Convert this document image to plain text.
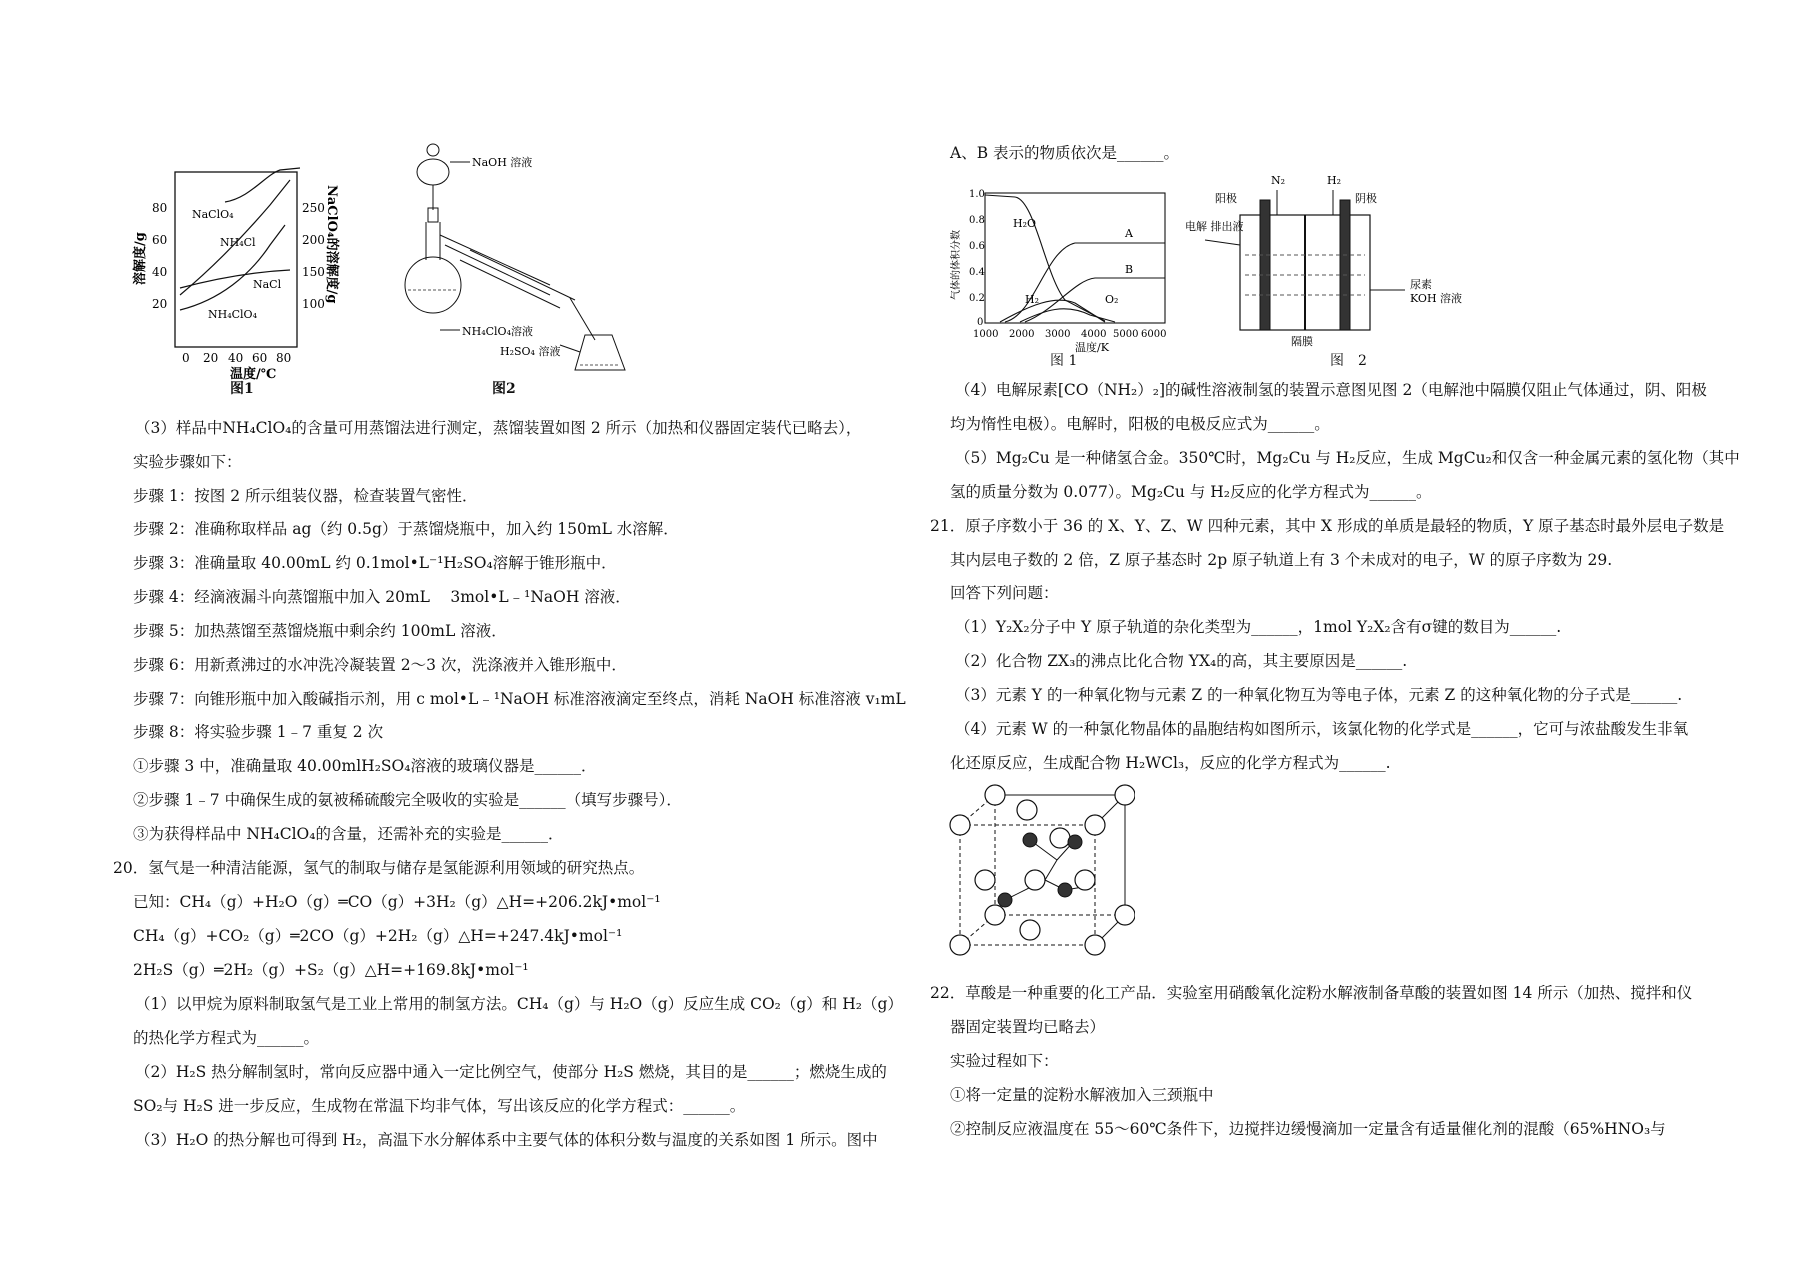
80
60
40
20
250
200
150
100
0 20 40 60 80
NaClO₄
NH₄Cl
NaCl
NH₄ClO₄
温度/℃
溶解度/g	NaClO₄的溶解度/g
图1
NaOH 溶液
NH₄ClO₄溶液
H₂SO₄ 溶液
图2
（3）样品中NH₄ClO₄的含量可用蒸馏法进行测定，蒸馏装置如图 2 所示（加热和仪器固定装代已略去），
实验步骤如下：
步骤 1：按图 2 所示组装仪器，检查装置气密性．
步骤 2：准确称取样品 ag（约 0.5g）于蒸馏烧瓶中，加入约 150mL 水溶解．
步骤 3：准确量取 40.00mL 约 0.1mol•L⁻¹H₂SO₄溶解于锥形瓶中．
步骤 4：经滴液漏斗向蒸馏瓶中加入 20mL　 3mol•L﹣¹NaOH 溶液．
步骤 5：加热蒸馏至蒸馏烧瓶中剩余约 100mL 溶液．
步骤 6：用新煮沸过的水冲洗冷凝装置 2～3 次，洗涤液并入锥形瓶中．
步骤 7：向锥形瓶中加入酸碱指示剂，用 c mol•L﹣¹NaOH 标准溶液滴定至终点，消耗 NaOH 标准溶液 v₁mL
步骤 8：将实验步骤 1﹣7 重复 2 次
①步骤 3 中，准确量取 40.00mlH₂SO₄溶液的玻璃仪器是______．
②步骤 1﹣7 中确保生成的氨被稀硫酸完全吸收的实验是______（填写步骤号）．
③为获得样品中 NH₄ClO₄的含量，还需补充的实验是______．
20．氢气是一种清洁能源，氢气的制取与储存是氢能源利用领域的研究热点。
已知：CH₄（g）+H₂O（g）═CO（g）+3H₂（g）△H=+206.2kJ•mol⁻¹
CH₄（g）+CO₂（g）═2CO（g）+2H₂（g）△H=+247.4kJ•mol⁻¹
2H₂S（g）═2H₂（g）+S₂（g）△H=+169.8kJ•mol⁻¹
（1）以甲烷为原料制取氢气是工业上常用的制氢方法。CH₄（g）与 H₂O（g）反应生成 CO₂（g）和 H₂（g）
的热化学方程式为______。
（2）H₂S 热分解制氢时，常向反应器中通入一定比例空气，使部分 H₂S 燃烧，其目的是______；燃烧生成的
SO₂与 H₂S 进一步反应，生成物在常温下均非气体，写出该反应的化学方程式：______。
（3）H₂O 的热分解也可得到 H₂，高温下水分解体系中主要气体的体积分数与温度的关系如图 1 所示。图中
A、B 表示的物质依次是______。
1.0
0.8
0.6
0.4
0.2
0
1000 2000 3000 4000 5000 6000
H₂O
A
B
H₂	O₂
温度/K
气体的体积分数
图 1
阳极	阴极
N₂	H₂
电解 排出液
尿素
KOH 溶液
隔膜
图　2
（4）电解尿素[CO（NH₂）₂]的碱性溶液制氢的装置示意图见图 2（电解池中隔膜仅阻止气体通过，阴、阳极
均为惰性电极）。电解时，阳极的电极反应式为______。
（5）Mg₂Cu 是一种储氢合金。350℃时，Mg₂Cu 与 H₂反应，生成 MgCu₂和仅含一种金属元素的氢化物（其中
氢的质量分数为 0.077）。Mg₂Cu 与 H₂反应的化学方程式为______。
21．原子序数小于 36 的 X、Y、Z、W 四种元素，其中 X 形成的单质是最轻的物质，Y 原子基态时最外层电子数是
其内层电子数的 2 倍，Z 原子基态时 2p 原子轨道上有 3 个未成对的电子，W 的原子序数为 29.
回答下列问题：
（1）Y₂X₂分子中 Y 原子轨道的杂化类型为______，1mol Y₂X₂含有σ键的数目为______.
（2）化合物 ZX₃的沸点比化合物 YX₄的高，其主要原因是______.
（3）元素 Y 的一种氧化物与元素 Z 的一种氧化物互为等电子体，元素 Z 的这种氧化物的分子式是______.
（4）元素 W 的一种氯化物晶体的晶胞结构如图所示，该氯化物的化学式是______，它可与浓盐酸发生非氧
化还原反应，生成配合物 H₂WCl₃，反应的化学方程式为______.
22．草酸是一种重要的化工产品．实验室用硝酸氧化淀粉水解液制备草酸的装置如图 14 所示（加热、搅拌和仪
器固定装置均已略去）
实验过程如下：
①将一定量的淀粉水解液加入三颈瓶中
②控制反应液温度在 55～60℃条件下，边搅拌边缓慢滴加一定量含有适量催化剂的混酸（65%HNO₃与
